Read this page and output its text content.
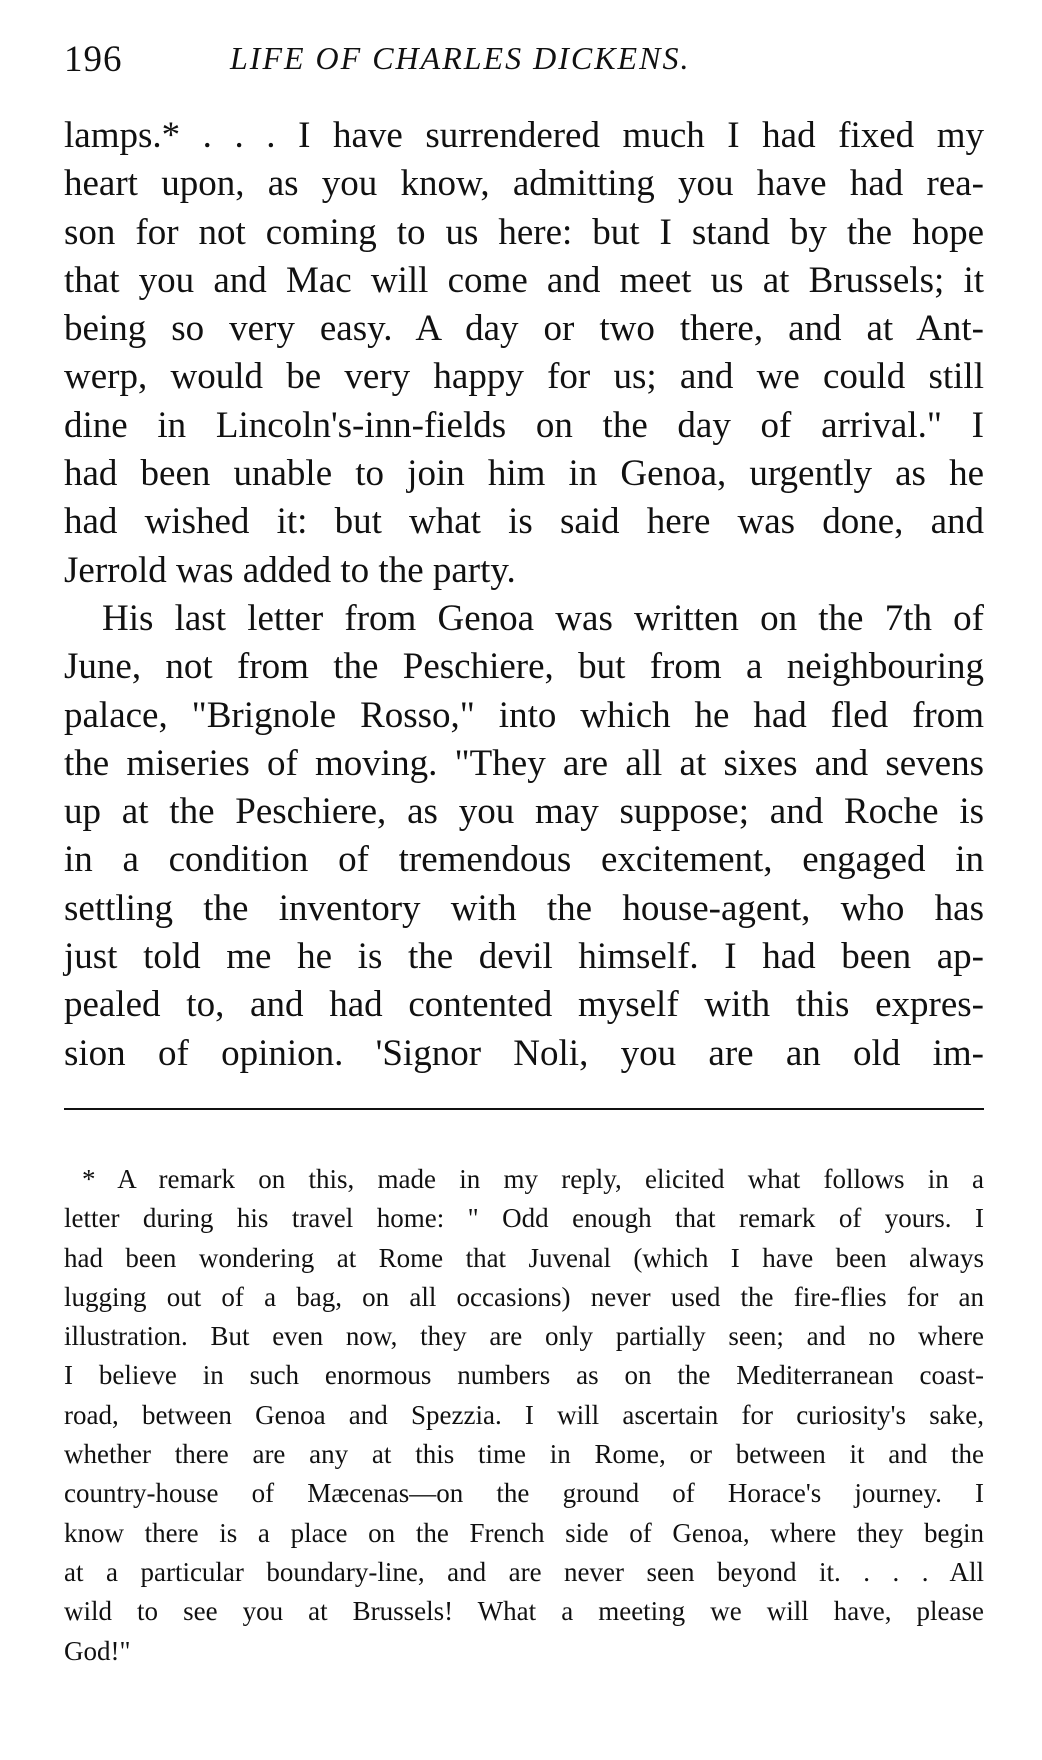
196	LIFE OF CHARLES DICKENS.
lamps.* . . . I have surrendered much I had fixed my
heart upon, as you know, admitting you have had rea-
son for not coming to us here: but I stand by the hope
that you and Mac will come and meet us at Brussels; it
being so very easy. A day or two there, and at Ant-
werp, would be very happy for us; and we could still
dine in Lincoln's-inn-fields on the day of arrival." I
had been unable to join him in Genoa, urgently as he
had wished it: but what is said here was done, and
Jerrold was added to the party.
His last letter from Genoa was written on the 7th of
June, not from the Peschiere, but from a neighbouring
palace, "Brignole Rosso," into which he had fled from
the miseries of moving. "They are all at sixes and sevens
up at the Peschiere, as you may suppose; and Roche is
in a condition of tremendous excitement, engaged in
settling the inventory with the house-agent, who has
just told me he is the devil himself. I had been ap-
pealed to, and had contented myself with this expres-
sion of opinion. 'Signor Noli, you are an old im-
* A remark on this, made in my reply, elicited what follows in a
letter during his travel home: " Odd enough that remark of yours. I
had been wondering at Rome that Juvenal (which I have been always
lugging out of a bag, on all occasions) never used the fire-flies for an
illustration. But even now, they are only partially seen; and no where
I believe in such enormous numbers as on the Mediterranean coast-
road, between Genoa and Spezzia. I will ascertain for curiosity's sake,
whether there are any at this time in Rome, or between it and the
country-house of Mæcenas—on the ground of Horace's journey. I
know there is a place on the French side of Genoa, where they begin
at a particular boundary-line, and are never seen beyond it. . . . All
wild to see you at Brussels! What a meeting we will have, please
God!"
